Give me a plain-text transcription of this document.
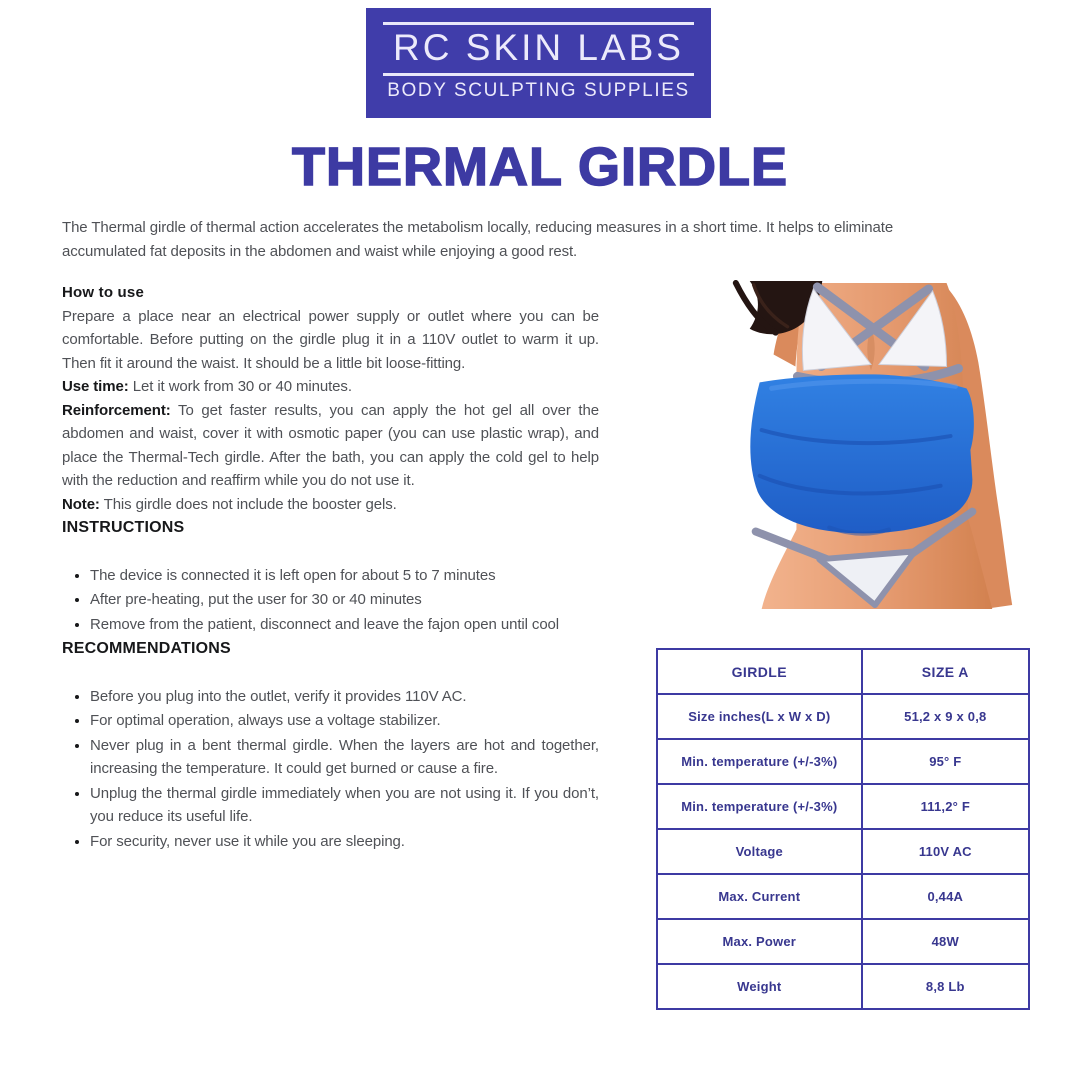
RC SKIN LABS
BODY SCULPTING SUPPLIES
THERMAL GIRDLE
The Thermal girdle of thermal action accelerates the metabolism locally, reducing measures in a short time. It helps to eliminate accumulated fat deposits in the abdomen and waist while enjoying a good rest.

How to use

Prepare a place near an electrical power supply or outlet where you can be comfortable. Before putting on the girdle plug it in a 110V outlet to warm it up. Then fit it around the waist. It should be a little bit loose-fitting.

Use time: Let it work from 30 or 40 minutes.

Reinforcement: To get faster results, you can apply the hot gel all over the abdomen and waist, cover it with osmotic paper (you can use plastic wrap), and place the Thermal-Tech girdle. After the bath, you can apply the cold gel to help with the reduction and reaffirm while you do not use it.

Note: This girdle does not include the booster gels.

INSTRUCTIONS

• The device is connected it is left open for about 5 to 7 minutes
• After pre-heating, put the user for 30 or 40 minutes
• Remove from the patient, disconnect and leave the fajon open until cool

RECOMMENDATIONS

• Before you plug into the outlet, verify it provides 110V AC.
• For optimal operation, always use a voltage stabilizer.
• Never plug in a bent thermal girdle. When the layers are hot and together, increasing the temperature. It could get burned or cause a fire.
• Unplug the thermal girdle immediately when you are not using it. If you don’t, you reduce its useful life.
• For security, never use it while you are sleeping.
GIRDLE	SIZE A
Size inches(L x W x D)	51,2 x 9 x 0,8
Min. temperature (+/-3%)	95° F
Min. temperature (+/-3%)	111,2° F
Voltage	110V AC
Max. Current	0,44A
Max. Power	48W
Weight	8,8 Lb
